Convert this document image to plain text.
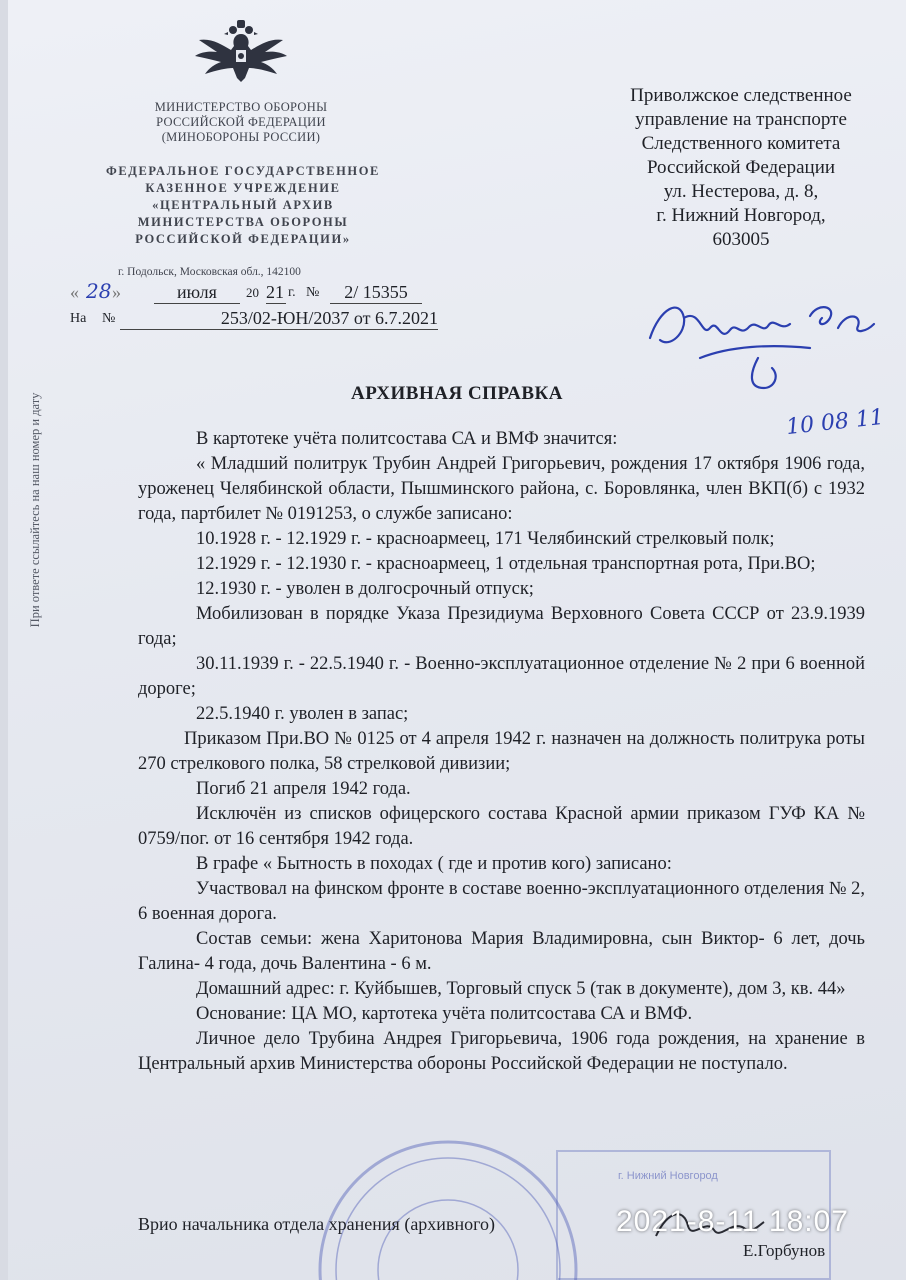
МИНИСТЕРСТВО ОБОРОНЫ
РОССИЙСКОЙ ФЕДЕРАЦИИ
(МИНОБОРОНЫ РОССИИ)
ФЕДЕРАЛЬНОЕ ГОСУДАРСТВЕННОЕ
КАЗЕННОЕ УЧРЕЖДЕНИЕ
«ЦЕНТРАЛЬНЫЙ АРХИВ
МИНИСТЕРСТВА ОБОРОНЫ
РОССИЙСКОЙ ФЕДЕРАЦИИ»
г. Подольск, Московская обл., 142100
« 28 »	июля	20 21 г. №	2/ 15355
На №	253/02-ЮН/2037 от 6.7.2021
Приволжское следственное
управление на транспорте
Следственного комитета
Российской Федерации
ул. Нестерова, д. 8,
г. Нижний Новгород,
603005
10 08 11
При ответе ссылайтесь на наш номер и дату	АРХИВНАЯ СПРАВКА

В картотеке учёта политсостава СА и ВМФ значится:

« Младший политрук Трубин Андрей Григорьевич, рождения 17 октября 1906 года, уроженец Челябинской области, Пышминского района, с. Боровлянка, член ВКП(б) с 1932 года, партбилет № 0191253, о службе записано:

10.1928 г. - 12.1929 г. - красноармеец, 171 Челябинский стрелковый полк;

12.1929 г. - 12.1930 г. - красноармеец, 1 отдельная транспортная рота, При.ВО;

12.1930 г. - уволен в долгосрочный отпуск;

Мобилизован в порядке Указа Президиума Верховного Совета СССР от 23.9.1939 года;

30.11.1939 г. - 22.5.1940 г. - Военно-эксплуатационное отделение № 2 при 6 военной дороге;

22.5.1940 г. уволен в запас;

Приказом При.ВО № 0125 от 4 апреля 1942 г. назначен на должность политрука роты 270 стрелкового полка, 58 стрелковой дивизии;

Погиб 21 апреля 1942 года.

Исключён из списков офицерского состава Красной армии приказом ГУФ КА № 0759/пог. от 16 сентября 1942 года.

В графе « Бытность в походах ( где и против кого) записано:

Участвовал на финском фронте в составе военно-эксплуатационного отделения № 2, 6 военная дорога.

Состав семьи: жена Харитонова Мария Владимировна, сын Виктор- 6 лет, дочь Галина- 4 года, дочь Валентина - 6 м.

Домашний адрес: г. Куйбышев, Торговый спуск 5 (так в документе), дом 3, кв. 44»

Основание: ЦА МО, картотека учёта политсостава СА и ВМФ.

Личное дело Трубина Андрея Григорьевича, 1906 года рождения, на хранение в Центральный архив Министерства обороны Российской Федерации не поступало.

г. Нижний Новгород
Врио начальника отдела хранения (архивного)
Е.Горбунов
2021-8-11 18:07
